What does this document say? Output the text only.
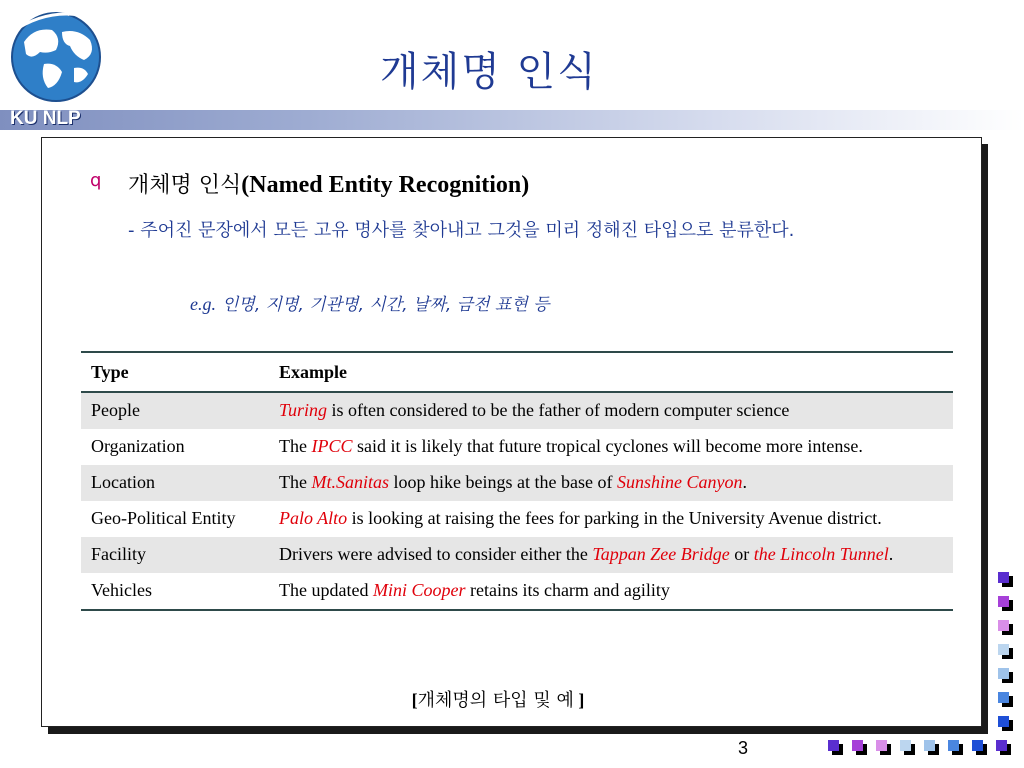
KU NLP
개체명 인식
q 개체명 인식(Named Entity Recognition)
- 주어진 문장에서 모든 고유 명사를 찾아내고 그것을 미리 정해진 타입으로 분류한다.
e.g. 인명, 지명, 기관명, 시간, 날짜, 금전 표현 등
Type	Example
People	Turing is often considered to be the father of modern computer science
Organization	The IPCC said it is likely that future tropical cyclones will become more intense.
Location	The Mt.Sanitas loop hike beings at the base of Sunshine Canyon.
Geo-Political Entity	Palo Alto is looking at raising the fees for parking in the University Avenue district.
Facility	Drivers were advised to consider either the Tappan Zee Bridge or the Lincoln Tunnel.
Vehicles	The updated Mini Cooper retains its charm and agility
[개체명의 타입 및 예 ]
3
